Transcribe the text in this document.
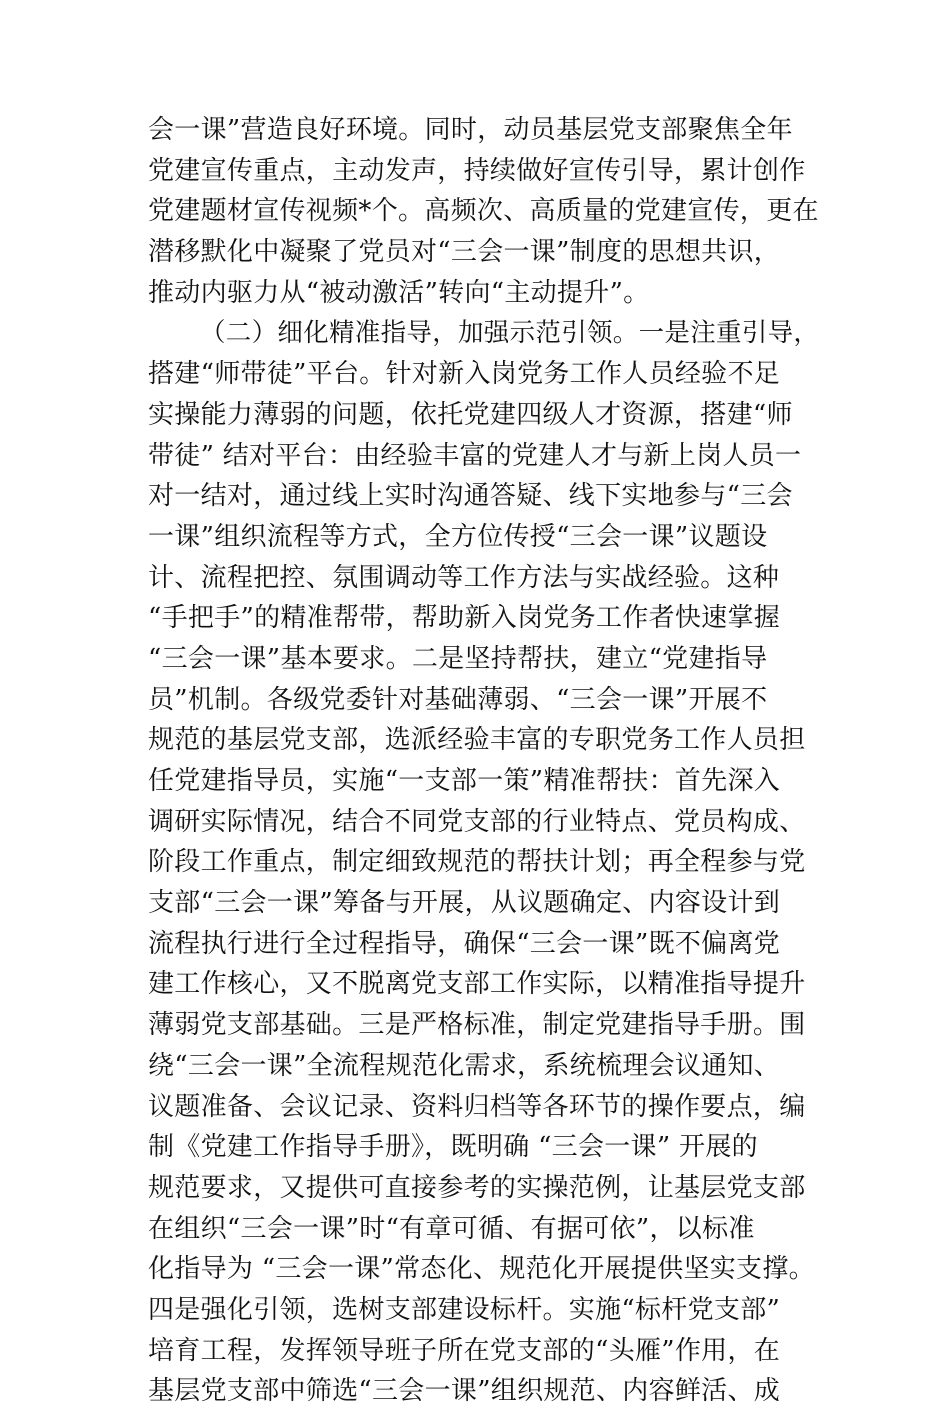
会一课”营造良好环境。同时，动员基层党支部聚焦全年
党建宣传重点，主动发声，持续做好宣传引导，累计创作
党建题材宣传视频*个。高频次、高质量的党建宣传，更在
潜移默化中凝聚了党员对“三会一课”制度的思想共识，
推动内驱力从“被动激活”转向“主动提升”。
（二）细化精准指导，加强示范引领。一是注重引导，
搭建“师带徒”平台。针对新入岗党务工作人员经验不足
实操能力薄弱的问题，依托党建四级人才资源，搭建“师
带徒” 结对平台：由经验丰富的党建人才与新上岗人员一
对一结对，通过线上实时沟通答疑、线下实地参与“三会
一课”组织流程等方式，全方位传授“三会一课”议题设
计、流程把控、氛围调动等工作方法与实战经验。这种
“手把手”的精准帮带，帮助新入岗党务工作者快速掌握
“三会一课”基本要求。二是坚持帮扶，建立“党建指导
员”机制。各级党委针对基础薄弱、“三会一课”开展不
规范的基层党支部，选派经验丰富的专职党务工作人员担
任党建指导员，实施“一支部一策”精准帮扶：首先深入
调研实际情况，结合不同党支部的行业特点、党员构成、
阶段工作重点，制定细致规范的帮扶计划；再全程参与党
支部“三会一课”筹备与开展，从议题确定、内容设计到
流程执行进行全过程指导，确保“三会一课”既不偏离党
建工作核心，又不脱离党支部工作实际，以精准指导提升
薄弱党支部基础。三是严格标准，制定党建指导手册。围
绕“三会一课”全流程规范化需求，系统梳理会议通知、
议题准备、会议记录、资料归档等各环节的操作要点，编
制《党建工作指导手册》，既明确 “三会一课” 开展的
规范要求，又提供可直接参考的实操范例，让基层党支部
在组织“三会一课”时“有章可循、有据可依”，以标准
化指导为 “三会一课”常态化、规范化开展提供坚实支撑。
四是强化引领，选树支部建设标杆。实施“标杆党支部”
培育工程，发挥领导班子所在党支部的“头雁”作用，在
基层党支部中筛选“三会一课”组织规范、内容鲜活、成
